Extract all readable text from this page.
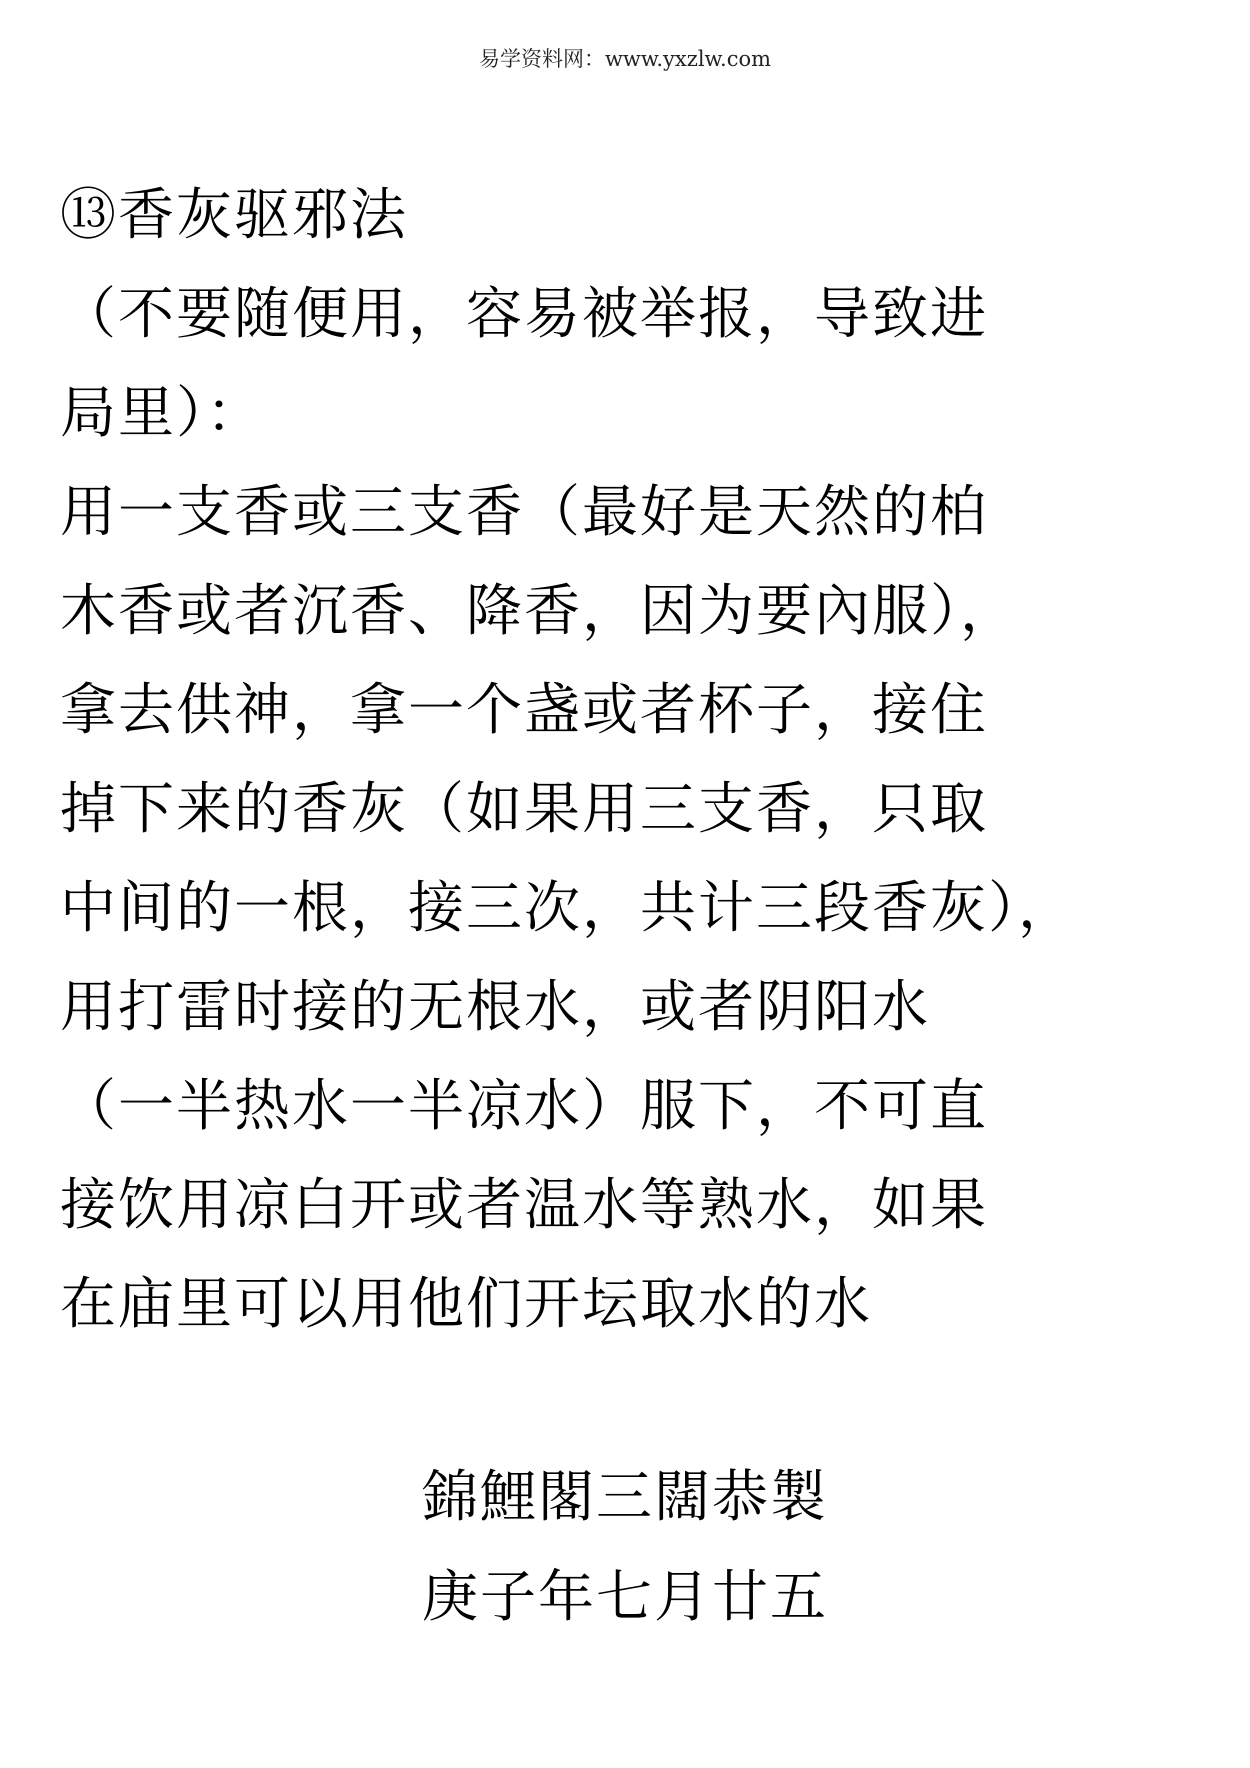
易学资料网：www.yxzlw.com
⑬香灰驱邪法
（不要随便用，容易被举报，导致进
局里）：
用一支香或三支香（最好是天然的柏
木香或者沉香、降香，因为要內服），
拿去供神，拿一个盏或者杯子，接住
掉下来的香灰（如果用三支香，只取
中间的一根，接三次，共计三段香灰），
用打雷时接的无根水，或者阴阳水
（一半热水一半凉水）服下，不可直
接饮用凉白开或者温水等熟水，如果
在庙里可以用他们开坛取水的水
錦鯉閣三闊恭製
庚子年七月廿五
